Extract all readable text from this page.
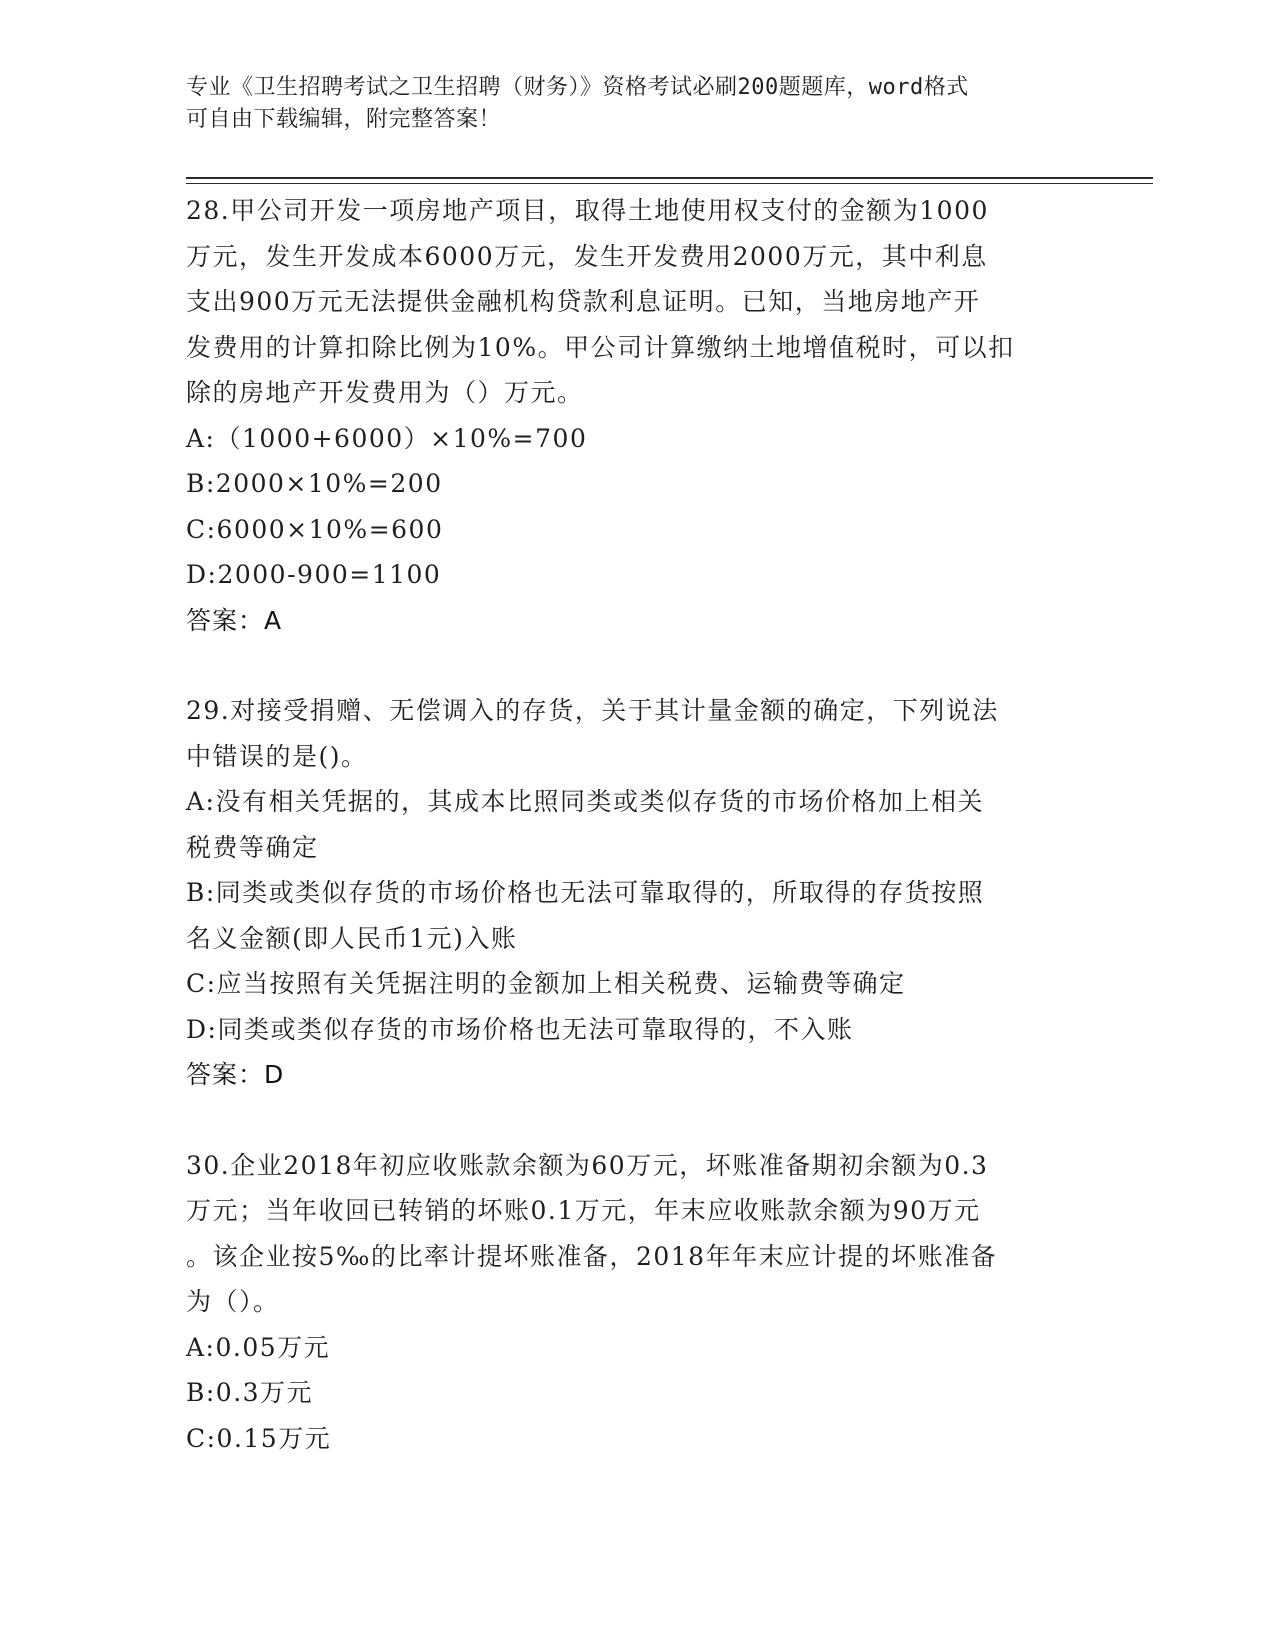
专业《卫生招聘考试之卫生招聘（财务）》资格考试必刷200题题库，word格式
可自由下载编辑，附完整答案！
28.甲公司开发一项房地产项目，取得土地使用权支付的金额为1000
万元，发生开发成本6000万元，发生开发费用2000万元，其中利息
支出900万元无法提供金融机构贷款利息证明。已知，当地房地产开
发费用的计算扣除比例为10%。甲公司计算缴纳土地增值税时，可以扣
除的房地产开发费用为（）万元。
A:（1000+6000）×10%=700
B:2000×10%=200
C:6000×10%=600
D:2000-900=1100
答案：A
29.对接受捐赠、无偿调入的存货，关于其计量金额的确定，下列说法
中错误的是()。
A:没有相关凭据的，其成本比照同类或类似存货的市场价格加上相关
税费等确定
B:同类或类似存货的市场价格也无法可靠取得的，所取得的存货按照
名义金额(即人民币1元)入账
C:应当按照有关凭据注明的金额加上相关税费、运输费等确定
D:同类或类似存货的市场价格也无法可靠取得的，不入账
答案：D
30.企业2018年初应收账款余额为60万元，坏账准备期初余额为0.3
万元；当年收回已转销的坏账0.1万元，年末应收账款余额为90万元
。该企业按5‰的比率计提坏账准备，2018年年末应计提的坏账准备
为（）。
A:0.05万元
B:0.3万元
C:0.15万元
